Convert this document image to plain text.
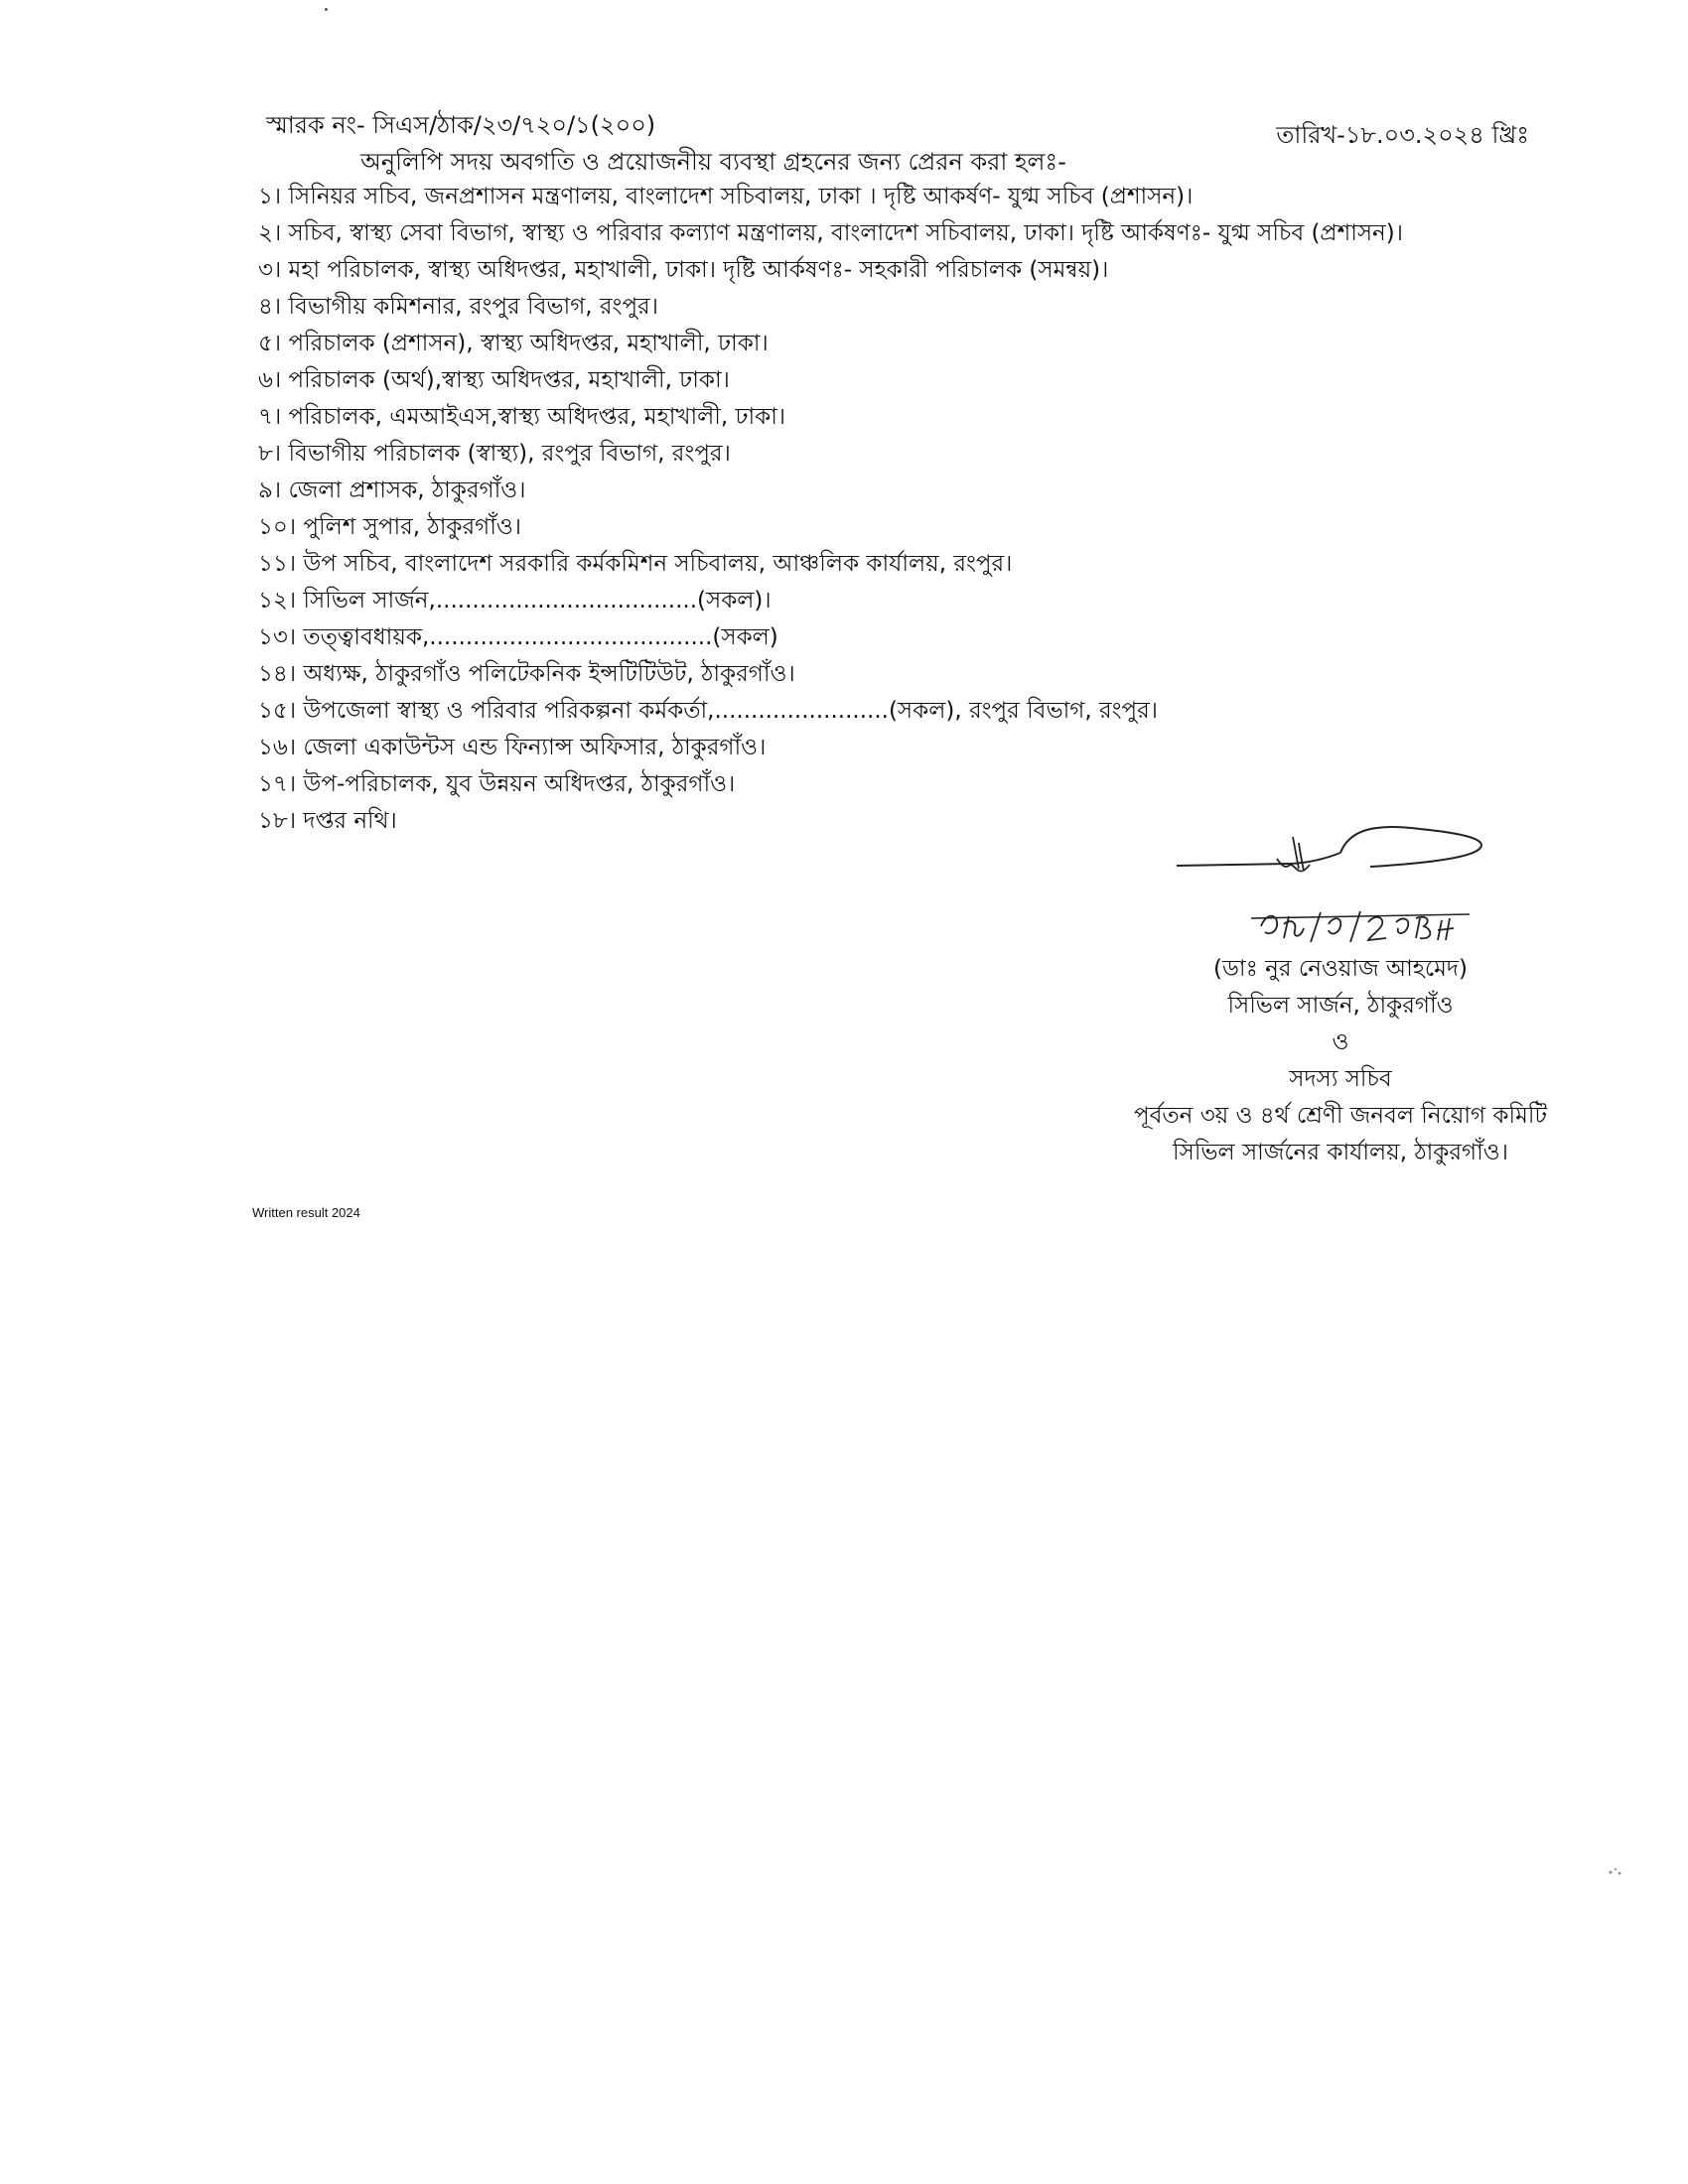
স্মারক নং- সিএস/ঠাক/২৩/৭২০/১(২০০)	তারিখ-১৮.০৩.২০২৪ খ্রিঃ
অনুলিপি সদয় অবগতি ও প্রয়োজনীয় ব্যবস্থা গ্রহনের জন্য প্রেরন করা হলঃ-
১। সিনিয়র সচিব, জনপ্রশাসন মন্ত্রণালয়, বাংলাদেশ সচিবালয়, ঢাকা । দৃষ্টি আকর্ষণ- যুগ্ম সচিব (প্রশাসন)।
২। সচিব, স্বাস্থ্য সেবা বিভাগ, স্বাস্থ্য ও পরিবার কল্যাণ মন্ত্রণালয়, বাংলাদেশ সচিবালয়, ঢাকা। দৃষ্টি আর্কষণঃ- যুগ্ম সচিব (প্রশাসন)।
৩। মহা পরিচালক, স্বাস্থ্য অধিদপ্তর, মহাখালী, ঢাকা। দৃষ্টি আর্কষণঃ- সহকারী পরিচালক (সমন্বয়)।
৪। বিভাগীয় কমিশনার, রংপুর বিভাগ, রংপুর।
৫। পরিচালক (প্রশাসন), স্বাস্থ্য অধিদপ্তর, মহাখালী, ঢাকা।
৬। পরিচালক (অর্থ),স্বাস্থ্য অধিদপ্তর, মহাখালী, ঢাকা।
৭। পরিচালক, এমআইএস,স্বাস্থ্য অধিদপ্তর, মহাখালী, ঢাকা।
৮। বিভাগীয় পরিচালক (স্বাস্থ্য), রংপুর বিভাগ, রংপুর।
৯। জেলা প্রশাসক, ঠাকুরগাঁও।
১০। পুলিশ সুপার, ঠাকুরগাঁও।
১১। উপ সচিব, বাংলাদেশ সরকারি কর্মকমিশন সচিবালয়, আঞ্চলিক কার্যালয়, রংপুর।
১২। সিভিল সার্জন,....................................(সকল)।
১৩। তত্ত্বাবধায়ক,.......................................(সকল)
১৪। অধ্যক্ষ, ঠাকুরগাঁও পলিটেকনিক ইন্সটিটিউট, ঠাকুরগাঁও।
১৫। উপজেলা স্বাস্থ্য ও পরিবার পরিকল্পনা কর্মকর্তা,........................(সকল), রংপুর বিভাগ, রংপুর।
১৬। জেলা একাউন্টস এন্ড ফিন্যান্স অফিসার, ঠাকুরগাঁও।
১৭। উপ-পরিচালক, যুব উন্নয়ন অধিদপ্তর, ঠাকুরগাঁও।
১৮। দপ্তর নথি।
(ডাঃ নুর নেওয়াজ আহমেদ)
সিভিল সার্জন, ঠাকুরগাঁও
ও
সদস্য সচিব
পূর্বতন ৩য় ও ৪র্থ শ্রেণী জনবল নিয়োগ কমিটি
সিভিল সার্জনের কার্যালয়, ঠাকুরগাঁও।
Written result 2024
